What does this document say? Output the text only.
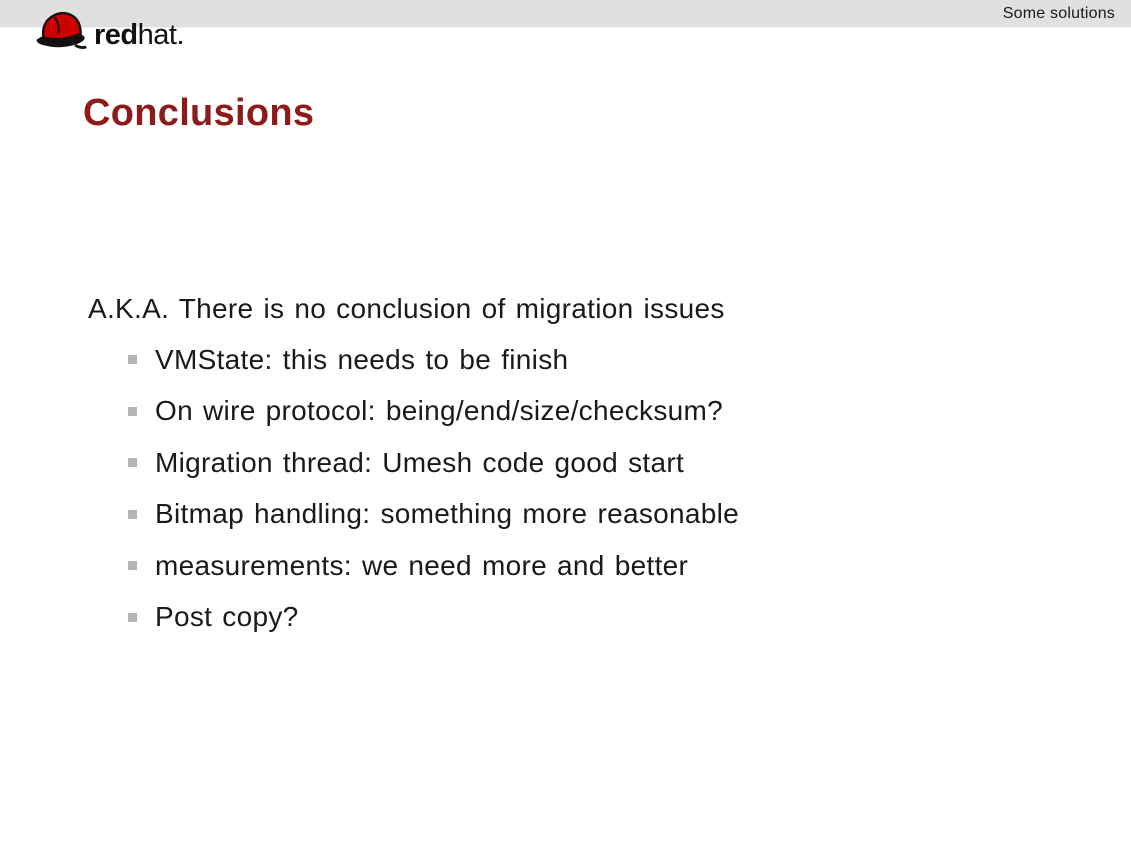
Some solutions
redhat.
Conclusions
A.K.A. There is no conclusion of migration issues
VMState: this needs to be finish
On wire protocol: being/end/size/checksum?
Migration thread: Umesh code good start
Bitmap handling: something more reasonable
measurements: we need more and better
Post copy?
